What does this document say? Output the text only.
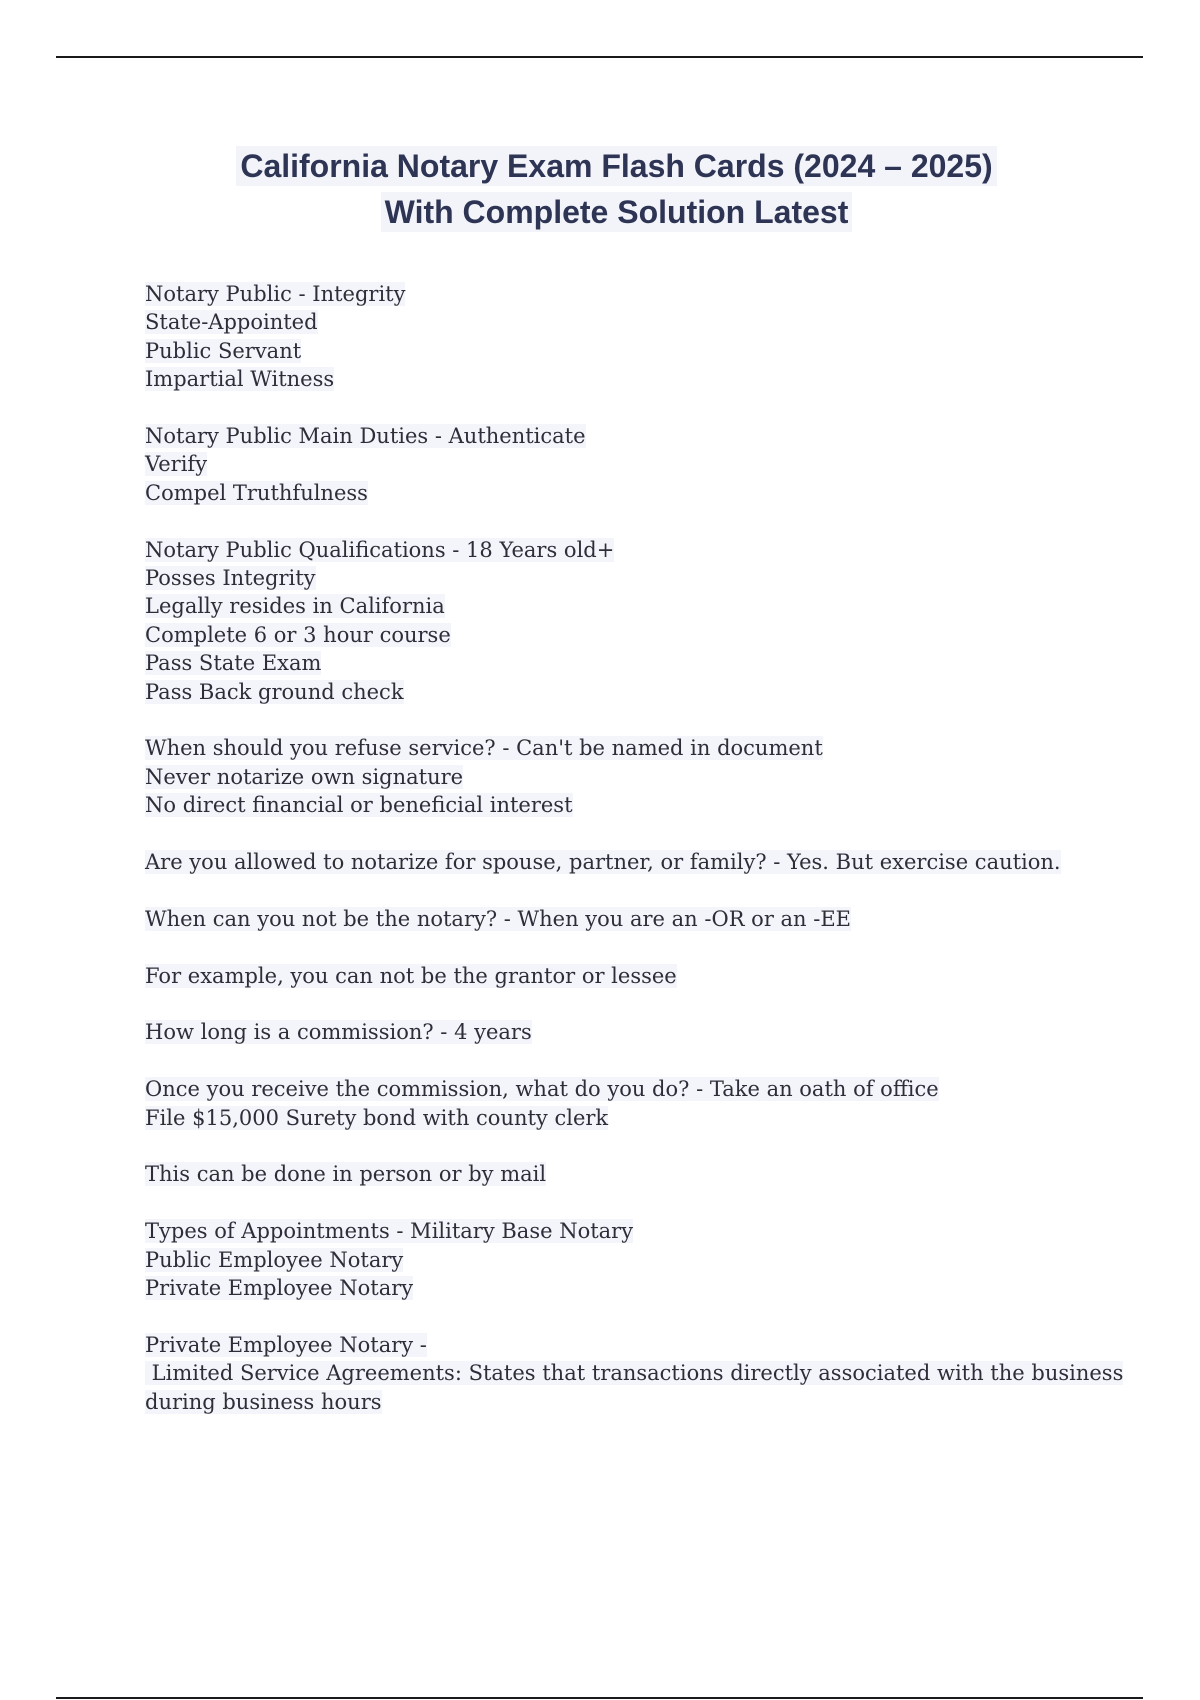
California Notary Exam Flash Cards (2024 – 2025)

With Complete Solution Latest

Notary Public - Integrity
State-Appointed
Public Servant
Impartial Witness
Notary Public Main Duties - Authenticate
Verify
Compel Truthfulness
Notary Public Qualifications - 18 Years old+
Posses Integrity
Legally resides in California
Complete 6 or 3 hour course
Pass State Exam
Pass Back ground check
When should you refuse service? - Can't be named in document
Never notarize own signature
No direct financial or beneficial interest
Are you allowed to notarize for spouse, partner, or family? - Yes. But exercise caution.
When can you not be the notary? - When you are an -OR or an -EE
For example, you can not be the grantor or lessee
How long is a commission? - 4 years
Once you receive the commission, what do you do? - Take an oath of office
File $15,000 Surety bond with county clerk
This can be done in person or by mail
Types of Appointments - Military Base Notary
Public Employee Notary
Private Employee Notary
Private Employee Notary -
Limited Service Agreements: States that transactions directly associated with the business
during business hours
